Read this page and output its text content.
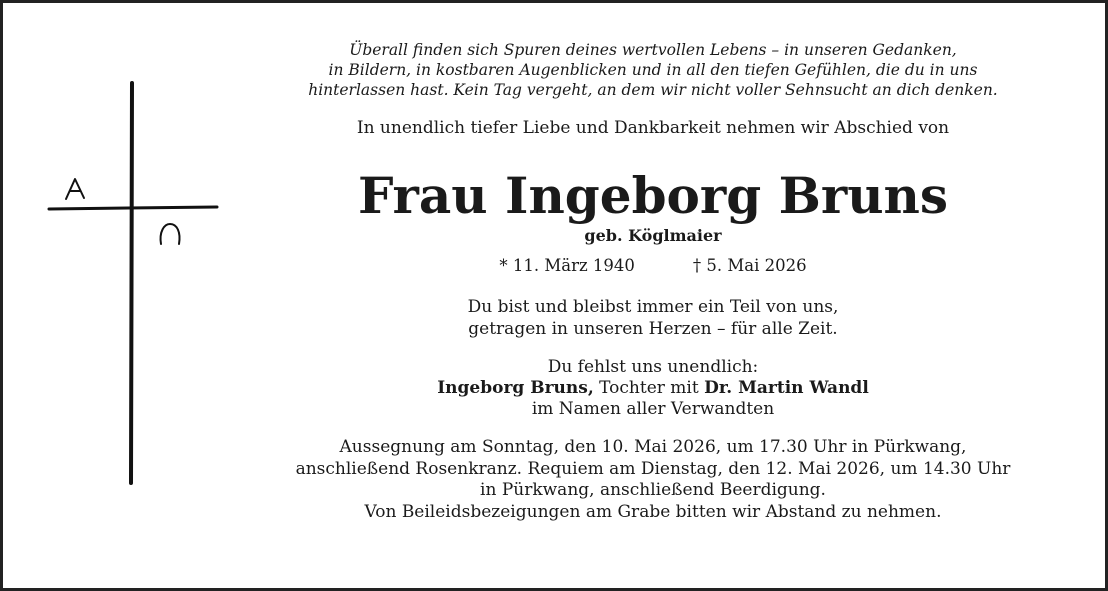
Überall finden sich Spuren deines wertvollen Lebens – in unseren Gedanken,
in Bildern, in kostbaren Augenblicken und in all den tiefen Gefühlen, die du in uns
hinterlassen hast. Kein Tag vergeht, an dem wir nicht voller Sehnsucht an dich denken.

In unendlich tiefer Liebe und Dankbarkeit nehmen wir Abschied von

Frau Ingeborg Bruns

geb. Köglmaier

* 11. März 1940	† 5. Mai 2026

Du bist und bleibst immer ein Teil von uns,
getragen in unseren Herzen – für alle Zeit.

Du fehlst uns unendlich:
Ingeborg Bruns, Tochter mit Dr. Martin Wandl
im Namen aller Verwandten

Aussegnung am Sonntag, den 10. Mai 2026, um 17.30 Uhr in Pürkwang,
anschließend Rosenkranz. Requiem am Dienstag, den 12. Mai 2026, um 14.30 Uhr
in Pürkwang, anschließend Beerdigung.
Von Beileidsbezeigungen am Grabe bitten wir Abstand zu nehmen.
